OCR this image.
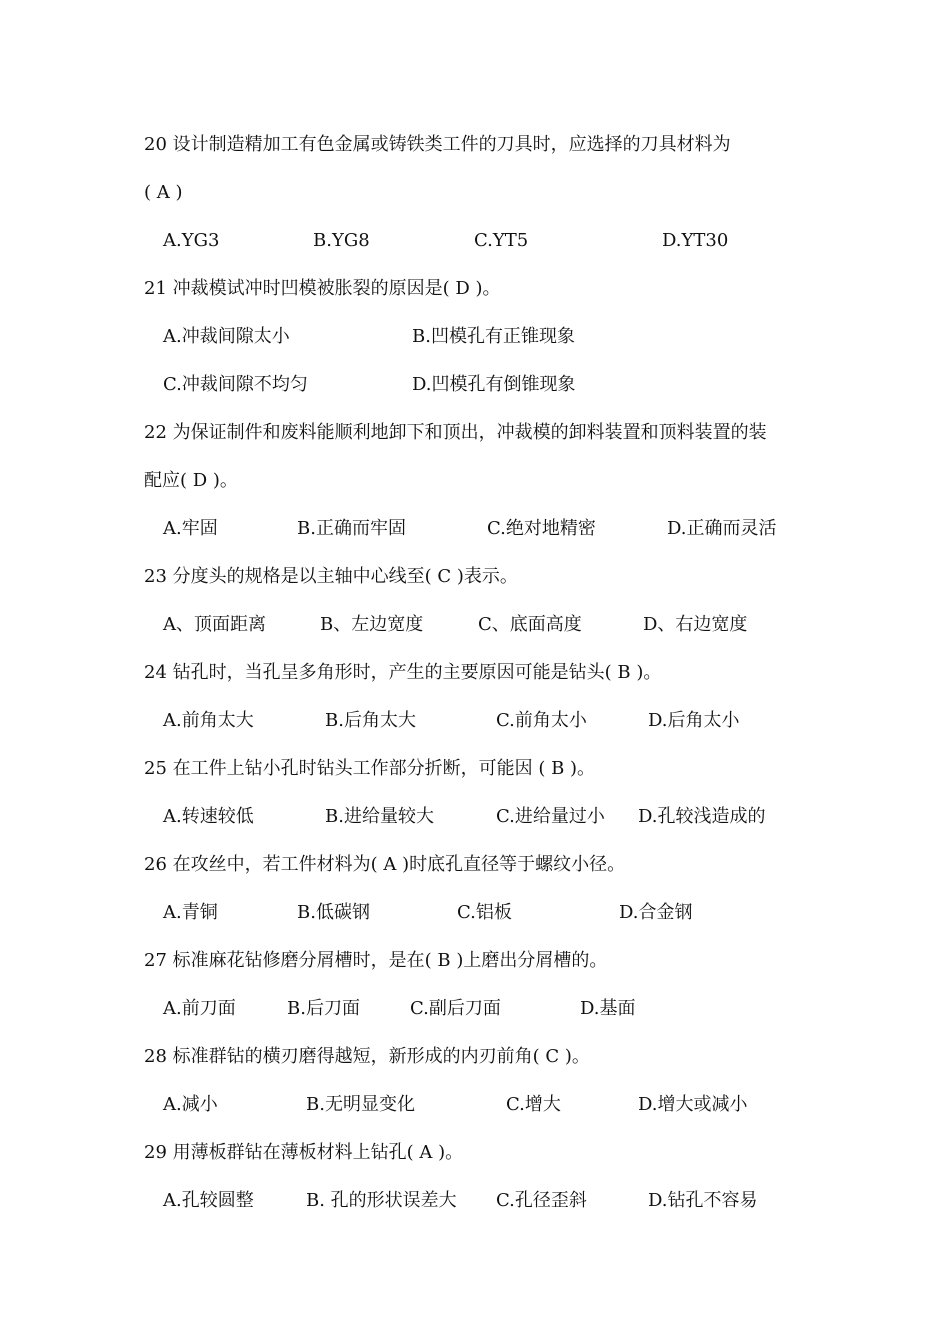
20 设计制造精加工有色金属或铸铁类工件的刀具时，应选择的刀具材料为
( A )
A.YG3	B.YG8	C.YT5	D.YT30
21 冲裁模试冲时凹模被胀裂的原因是( D )。
A.冲裁间隙太小	B.凹模孔有正锥现象
C.冲裁间隙不均匀	D.凹模孔有倒锥现象
22 为保证制件和废料能顺利地卸下和顶出，冲裁模的卸料装置和顶料装置的装
配应( D )。
A.牢固	B.正确而牢固	C.绝对地精密	D.正确而灵活
23 分度头的规格是以主轴中心线至( C )表示。
A、顶面距离	B、左边宽度	C、底面高度	D、右边宽度
24 钻孔时，当孔呈多角形时，产生的主要原因可能是钻头( B )。
A.前角太大	B.后角太大	C.前角太小	D.后角太小
25 在工件上钻小孔时钻头工作部分折断，可能因 ( B )。
A.转速较低	B.进给量较大	C.进给量过小 D.孔较浅造成的
26 在攻丝中，若工件材料为( A )时底孔直径等于螺纹小径。
A.青铜	B.低碳钢	C.铝板	D.合金钢
27 标准麻花钻修磨分屑槽时，是在( B )上磨出分屑槽的。
A.前刀面	B.后刀面	C.副后刀面	D.基面
28 标准群钻的横刃磨得越短，新形成的内刃前角( C )。
A.减小	B.无明显变化	C.增大	D.增大或减小
29 用薄板群钻在薄板材料上钻孔( A )。
A.孔较圆整	B. 孔的形状误差大 C.孔径歪斜	D.钻孔不容易
